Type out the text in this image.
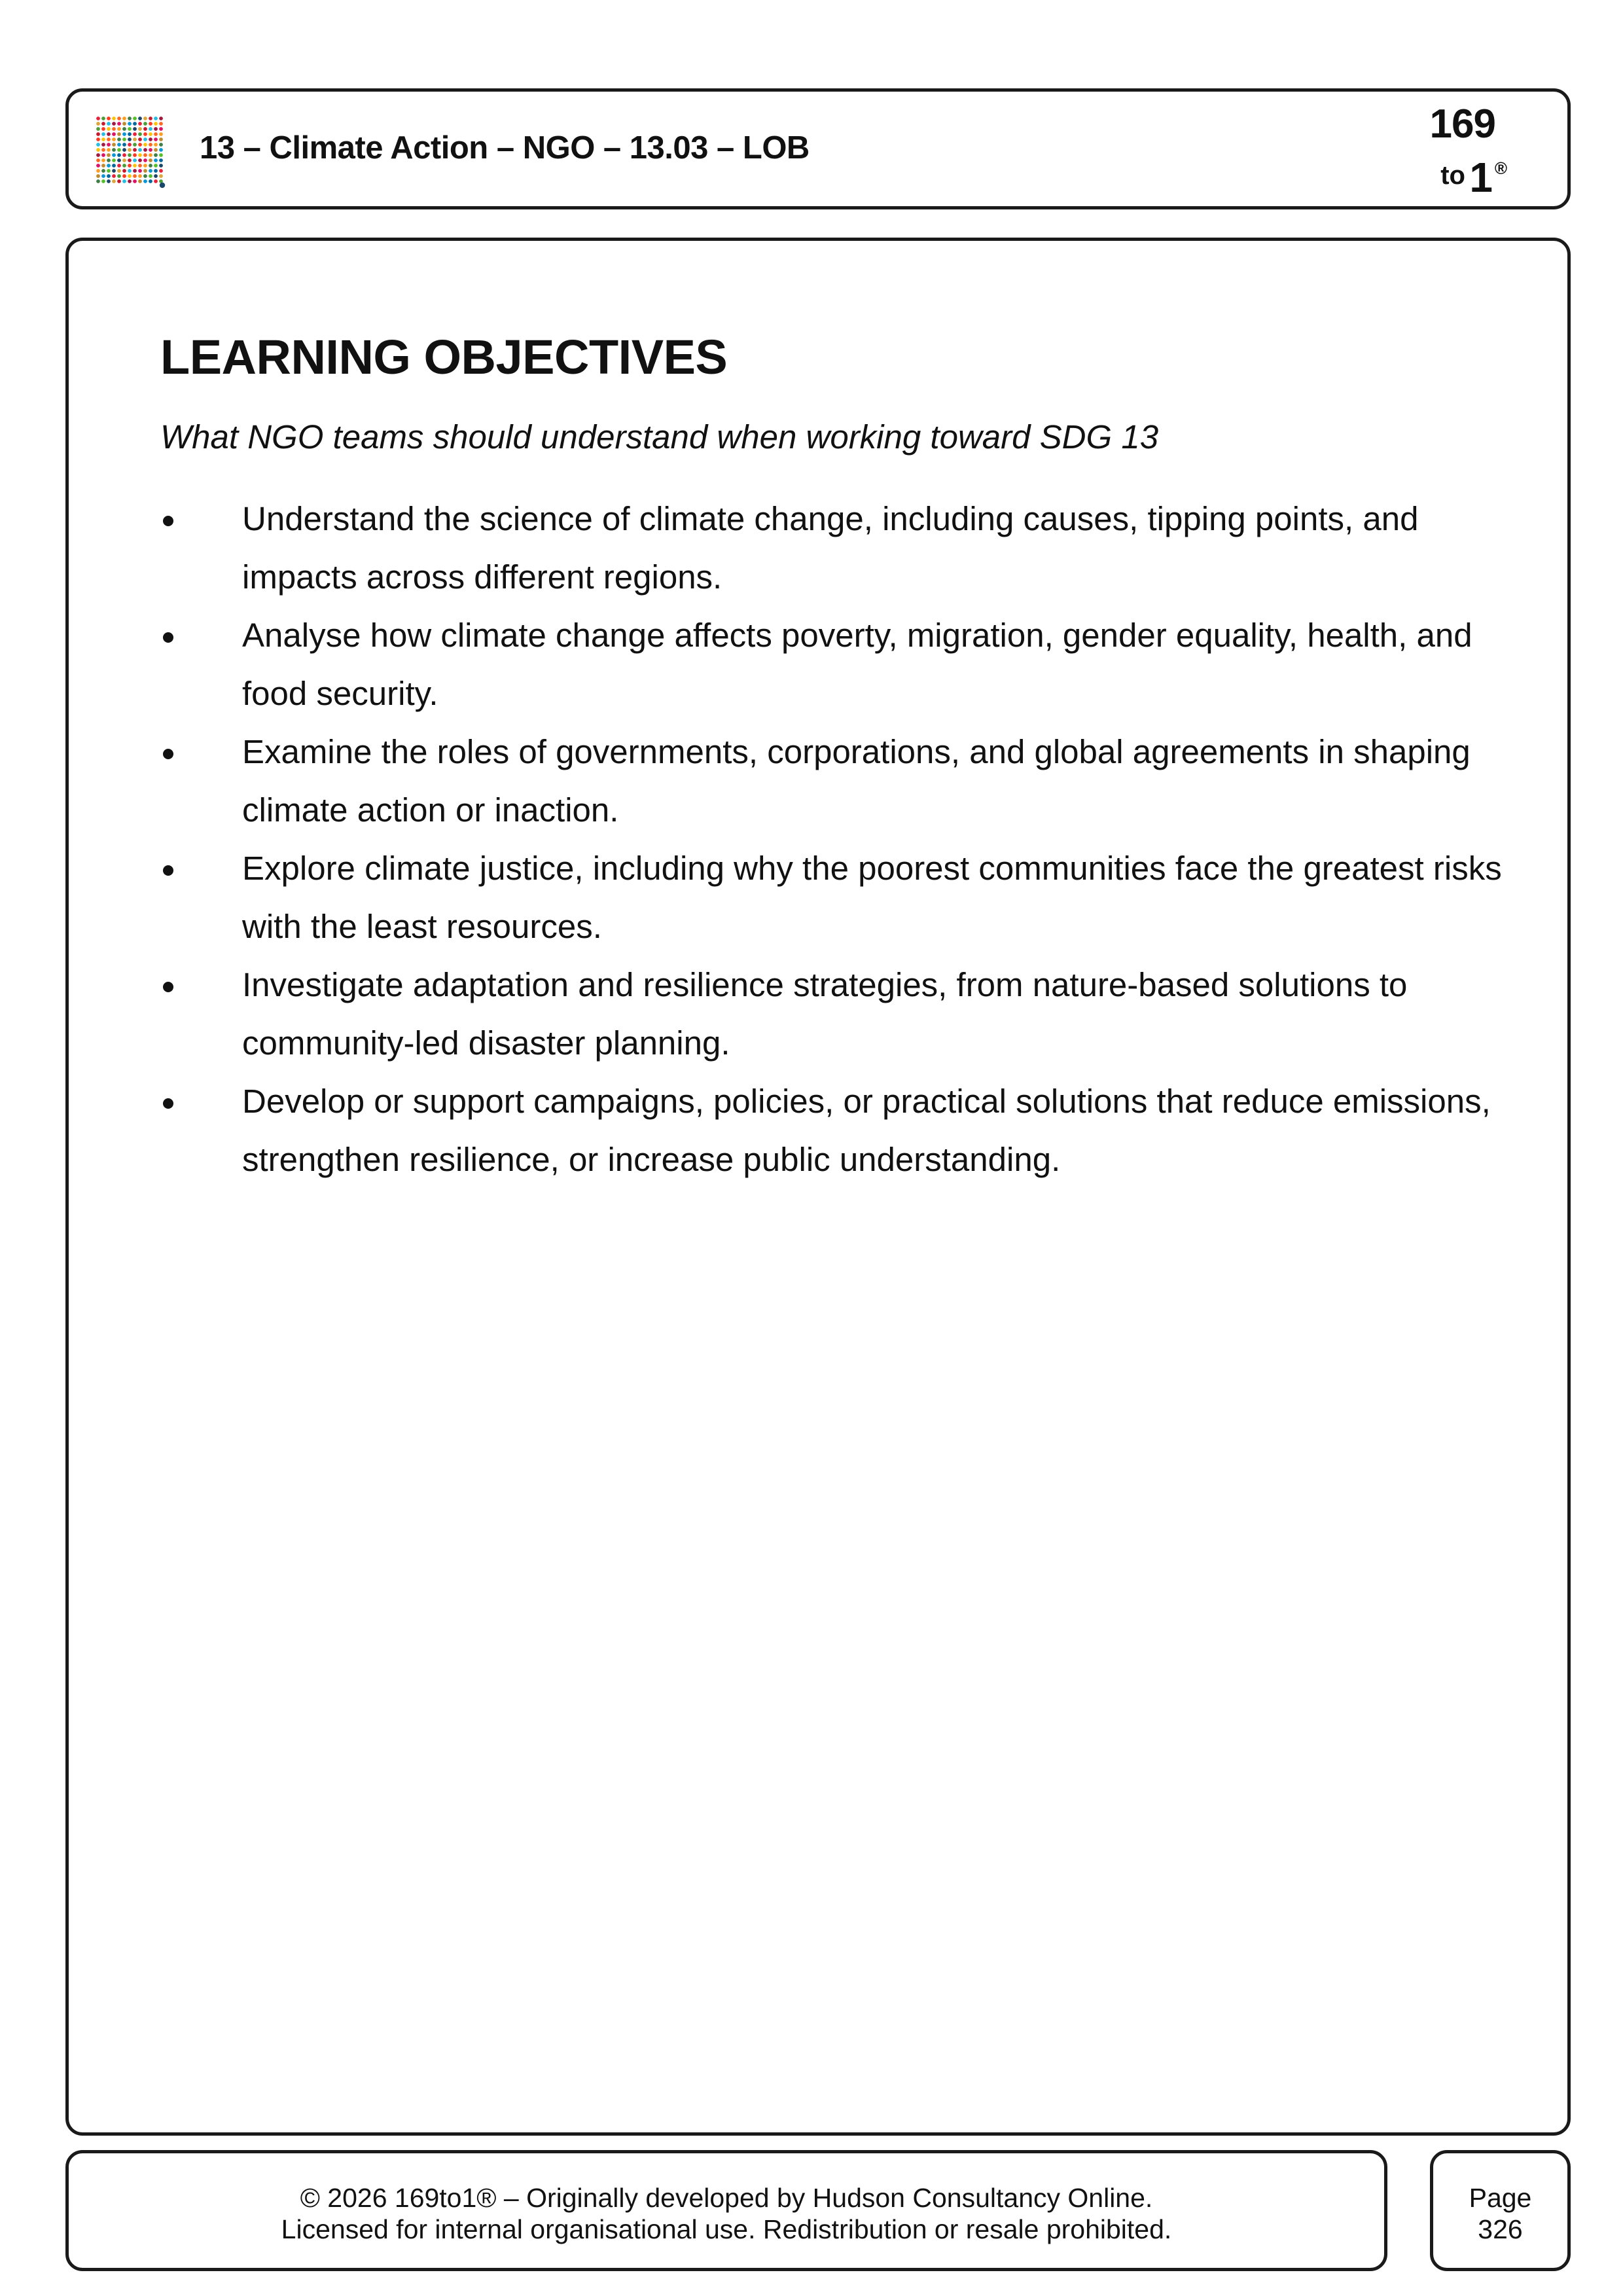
13 – Climate Action – NGO – 13.03 – LOB
169
to 1 ®
LEARNING OBJECTIVES

What NGO teams should understand when working toward SDG 13

Understand the science of climate change, including causes, tipping points, and impacts across different regions.
Analyse how climate change affects poverty, migration, gender equality, health, and food security.
Examine the roles of governments, corporations, and global agreements in shaping climate action or inaction.
Explore climate justice, including why the poorest communities face the greatest risks with the least resources.
Investigate adaptation and resilience strategies, from nature-based solutions to community-led disaster planning.
Develop or support campaigns, policies, or practical solutions that reduce emissions, strengthen resilience, or increase public understanding.
© 2026 169to1® – Originally developed by Hudson Consultancy Online.
Licensed for internal organisational use. Redistribution or resale prohibited.
Page
326
